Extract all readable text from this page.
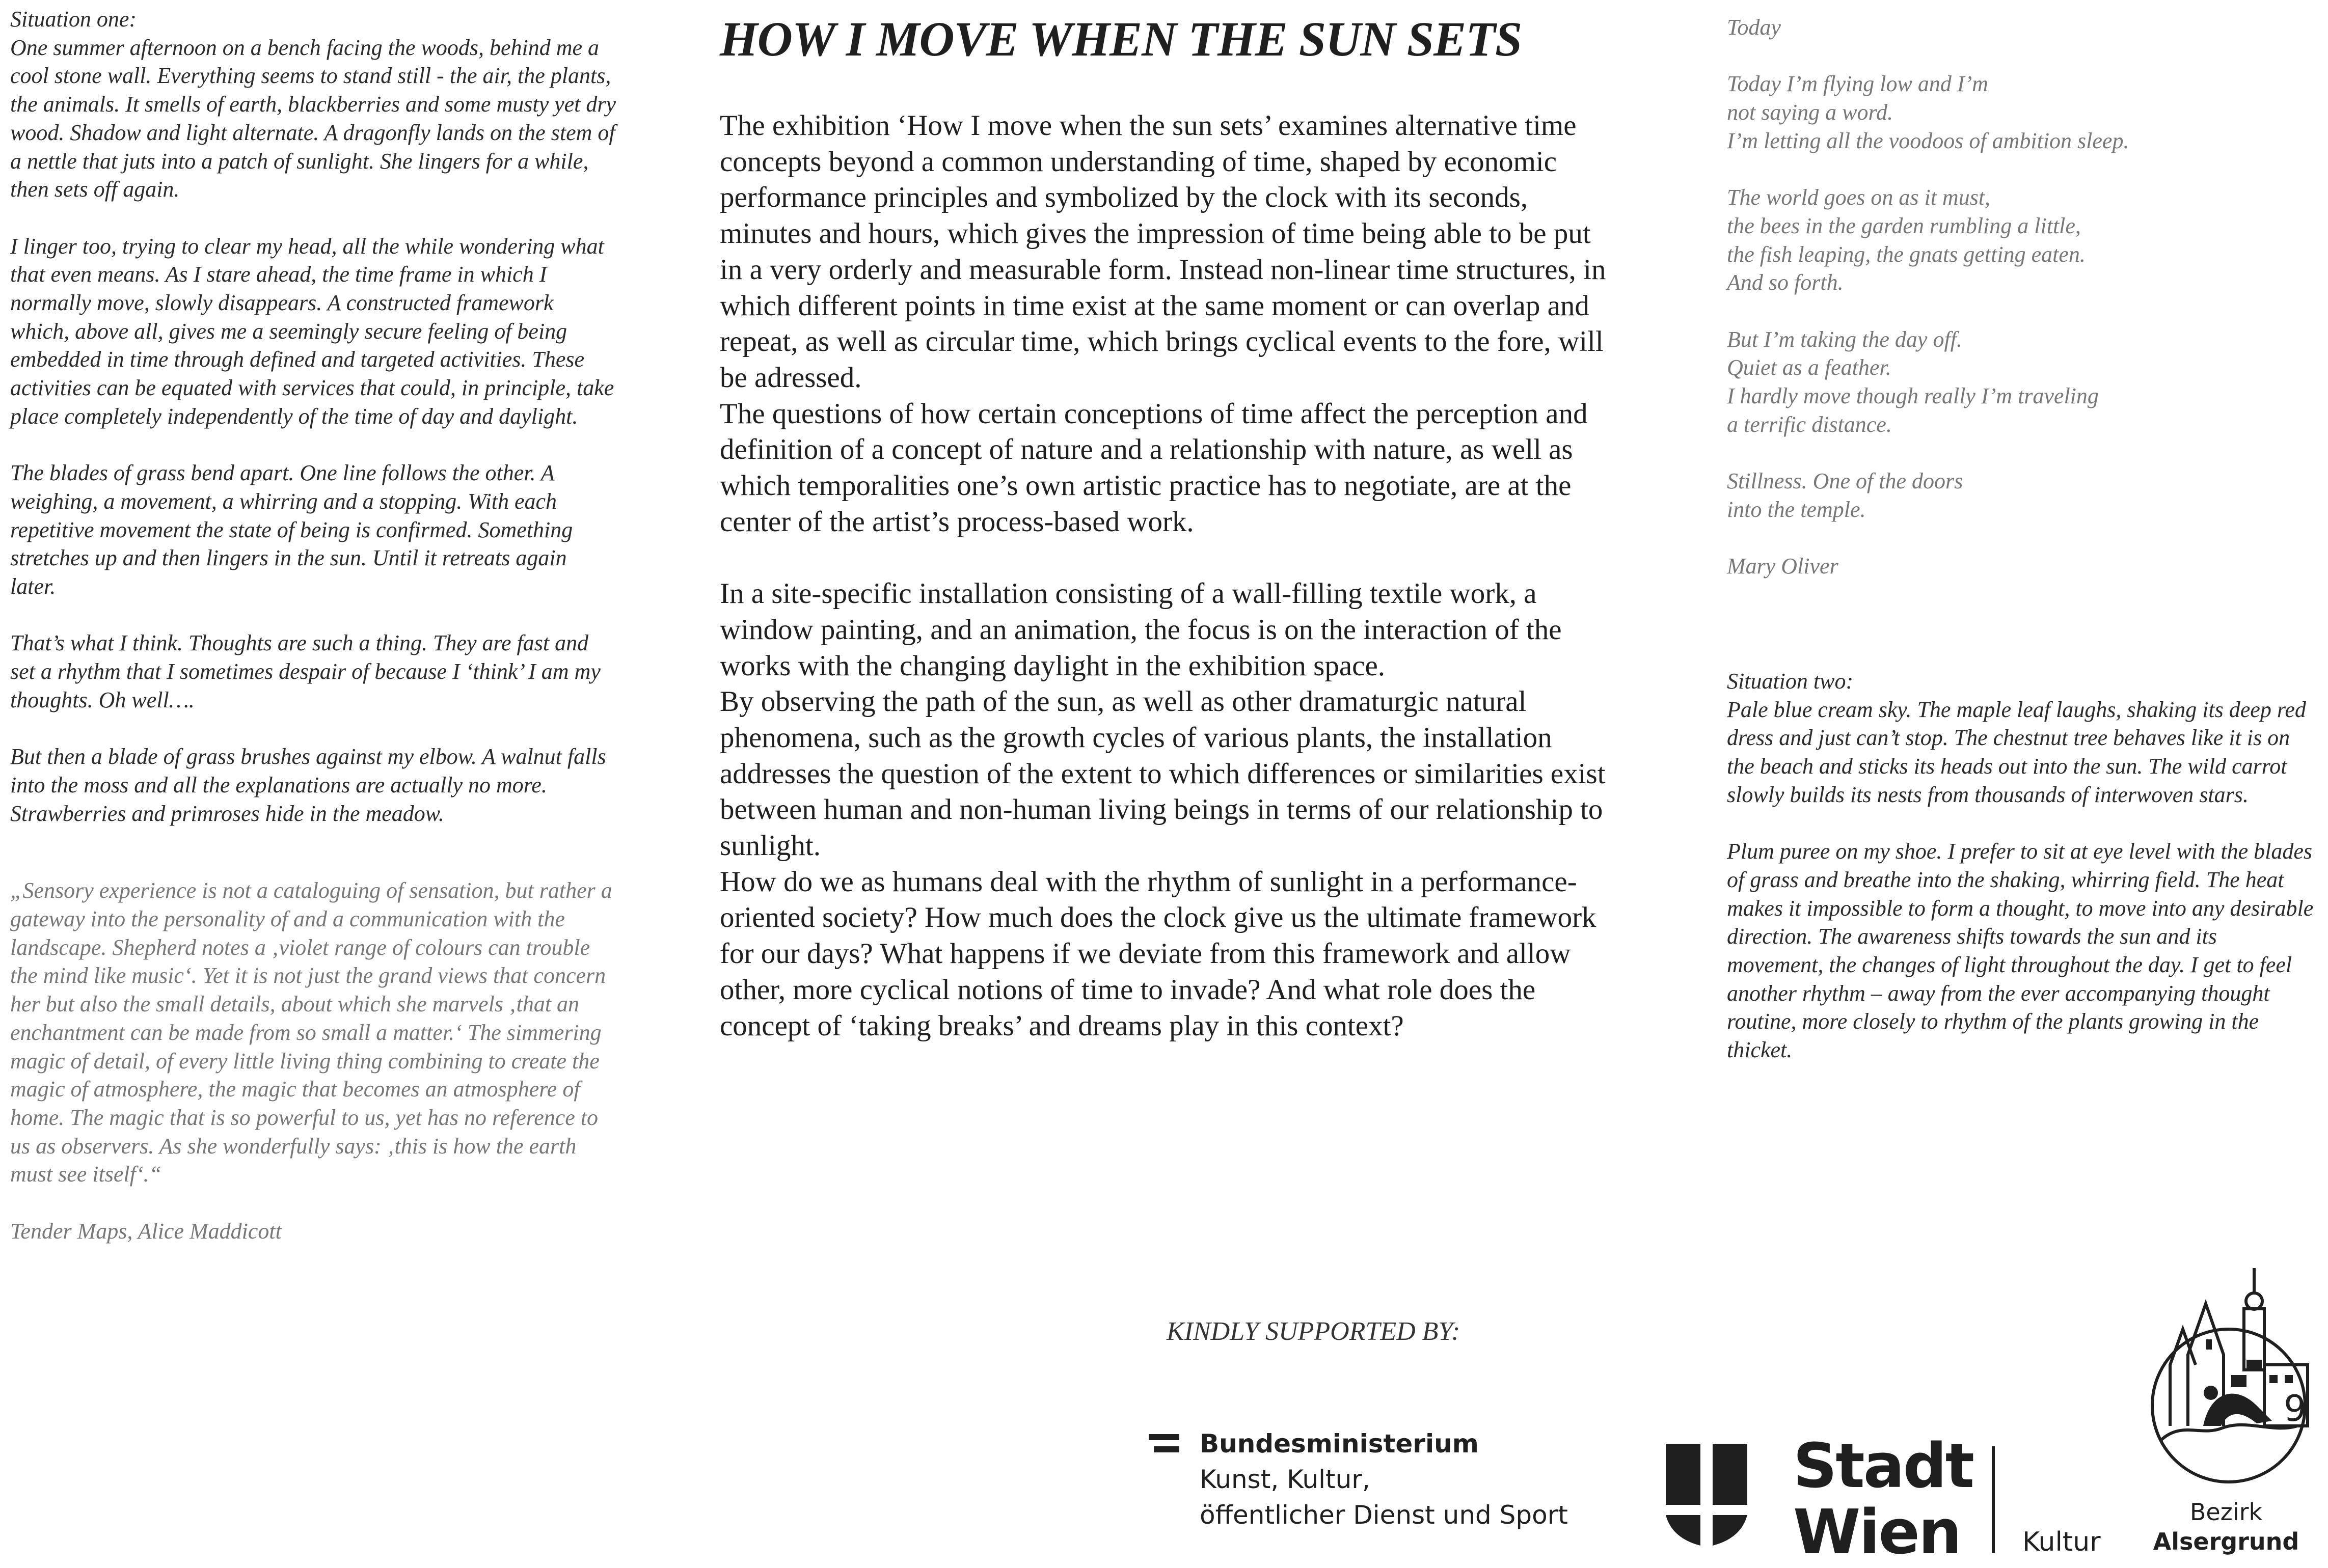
Situation one:

One summer afternoon on a bench facing the woods, behind me a cool stone wall. Everything seems to stand still - the air, the plants, the animals. It smells of earth, blackberries and some musty yet dry wood. Shadow and light alternate. A dragonfly lands on the stem of a nettle that juts into a patch of sunlight. She lingers for a while, then sets off again.

I linger too, trying to clear my head, all the while wondering what that even means. As I stare ahead, the time frame in which I normally move, slowly disappears. A constructed framework which, above all, gives me a seemingly secure feeling of being embedded in time through defined and targeted activities. These activities can be equated with services that could, in principle, take place completely independently of the time of day and daylight.

The blades of grass bend apart. One line follows the other. A weighing, a movement, a whirring and a stopping. With each repetitive movement the state of being is confirmed. Something stretches up and then lingers in the sun. Until it retreats again later.

That’s what I think. Thoughts are such a thing. They are fast and set a rhythm that I sometimes despair of because I ‘think’ I am my thoughts. Oh well….

But then a blade of grass brushes against my elbow. A walnut falls into the moss and all the explanations are actually no more. Strawberries and primroses hide in the meadow.

„Sensory experience is not a cataloguing of sensation, but rather a gateway into the personality of and a communication with the landscape. Shepherd notes a ‚violet range of colours can trouble the mind like music‘. Yet it is not just the grand views that concern her but also the small details, about which she marvels ‚that an enchantment can be made from so small a matter.‘ The simmering magic of detail, of every little living thing combining to create the magic of atmosphere, the magic that becomes an atmosphere of home. The magic that is so powerful to us, yet has no reference to us as observers. As she wonderfully says: ‚this is how the earth must see itself‘.“

Tender Maps, Alice Maddicott

HOW I MOVE WHEN THE SUN SETS

The exhibition ‘How I move when the sun sets’ examines alternative time concepts beyond a common understanding of time, shaped by economic performance principles and symbolized by the clock with its seconds, minutes and hours, which gives the impression of time being able to be put in a very orderly and measurable form. Instead non-linear time structures, in which different points in time exist at the same moment or can overlap and repeat, as well as circular time, which brings cyclical events to the fore, will be adressed.

The questions of how certain conceptions of time affect the perception and definition of a concept of nature and a relationship with nature, as well as which temporalities one’s own artistic practice has to negotiate, are at the center of the artist’s process-based work.

In a site-specific installation consisting of a wall-filling textile work, a window painting, and an animation, the focus is on the interaction of the works with the changing daylight in the exhibition space.

By observing the path of the sun, as well as other dramaturgic natural phenomena, such as the growth cycles of various plants, the installation addresses the question of the extent to which differences or similarities exist between human and non-human living beings in terms of our relationship to sunlight.

How do we as humans deal with the rhythm of sunlight in a performance-oriented society? How much does the clock give us the ultimate framework for our days? What happens if we deviate from this framework and allow other, more cyclical notions of time to invade? And what role does the concept of ‘taking breaks’ and dreams play in this context?

Today

Today I’m flying low and I’m
not saying a word.
I’m letting all the voodoos of ambition sleep.

The world goes on as it must,
the bees in the garden rumbling a little,
the fish leaping, the gnats getting eaten.
And so forth.

But I’m taking the day off.
Quiet as a feather.
I hardly move though really I’m traveling
a terrific distance.

Stillness. One of the doors
into the temple.

Mary Oliver

Situation two:

Pale blue cream sky. The maple leaf laughs, shaking its deep red dress and just can’t stop. The chestnut tree behaves like it is on the beach and sticks its heads out into the sun. The wild carrot slowly builds its nests from thousands of interwoven stars.

Plum puree on my shoe. I prefer to sit at eye level with the blades of grass and breathe into the shaking, whirring field. The heat makes it impossible to form a thought, to move into any desirable direction. The awareness shifts towards the sun and its movement, the changes of light throughout the day. I get to feel another rhythm – away from the ever accompanying thought routine, more closely to rhythm of the plants growing in the thicket.

KINDLY SUPPORTED BY:
Bundesministerium
Kunst, Kultur,
öffentlicher Dienst und Sport
Stadt
Wien	Kultur
9
Bezirk
Alsergrund
